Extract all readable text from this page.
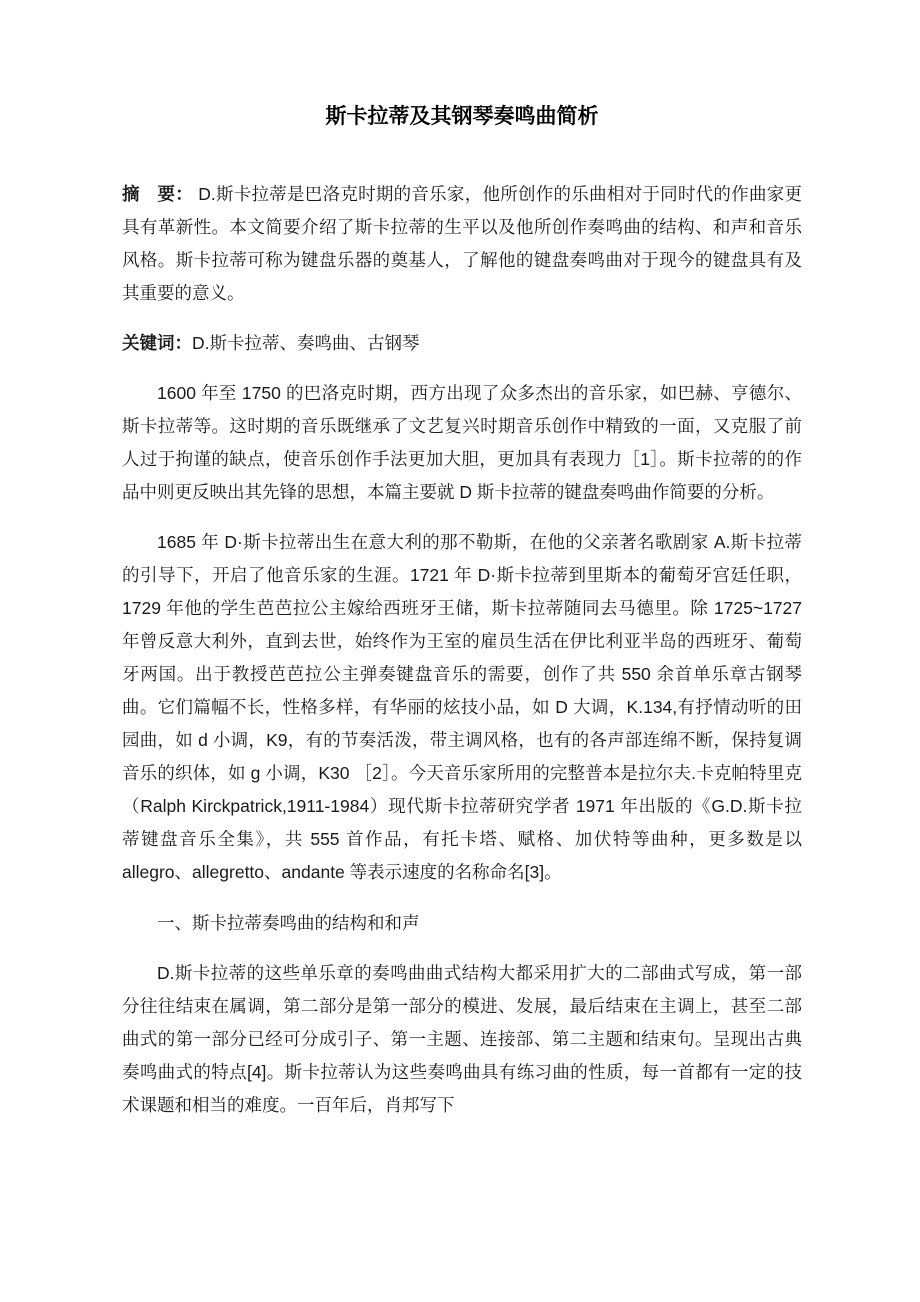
斯卡拉蒂及其钢琴奏鸣曲简析

摘　要： D.斯卡拉蒂是巴洛克时期的音乐家，他所创作的乐曲相对于同时代的作曲家更具有革新性。本文简要介绍了斯卡拉蒂的生平以及他所创作奏鸣曲的结构、和声和音乐风格。斯卡拉蒂可称为键盘乐器的奠基人，了解他的键盘奏鸣曲对于现今的键盘具有及其重要的意义。

关键词：D.斯卡拉蒂、奏鸣曲、古钢琴

1600 年至 1750 的巴洛克时期，西方出现了众多杰出的音乐家，如巴赫、亨德尔、斯卡拉蒂等。这时期的音乐既继承了文艺复兴时期音乐创作中精致的一面，又克服了前人过于拘谨的缺点，使音乐创作手法更加大胆，更加具有表现力［1］。斯卡拉蒂的的作品中则更反映出其先锋的思想，本篇主要就 D 斯卡拉蒂的键盘奏鸣曲作简要的分析。

1685 年 D·斯卡拉蒂出生在意大利的那不勒斯，在他的父亲著名歌剧家 A.斯卡拉蒂的引导下，开启了他音乐家的生涯。1721 年 D·斯卡拉蒂到里斯本的葡萄牙宫廷任职，1729 年他的学生芭芭拉公主嫁给西班牙王储，斯卡拉蒂随同去马德里。除 1725~1727 年曾反意大利外，直到去世，始终作为王室的雇员生活在伊比利亚半岛的西班牙、葡萄牙两国。出于教授芭芭拉公主弹奏键盘音乐的需要，创作了共 550 余首单乐章古钢琴曲。它们篇幅不长，性格多样，有华丽的炫技小品，如 D 大调，K.134,有抒情动听的田园曲，如 d 小调，K9，有的节奏活泼，带主调风格，也有的各声部连绵不断，保持复调音乐的织体，如 g 小调，K30 ［2］。今天音乐家所用的完整普本是拉尔夫.卡克帕特里克（Ralph Kirckpatrick,1911-1984）现代斯卡拉蒂研究学者 1971 年出版的《G.D.斯卡拉蒂键盘音乐全集》，共 555 首作品，有托卡塔、赋格、加伏特等曲种，更多数是以 allegro、allegretto、andante 等表示速度的名称命名[3]。

一、斯卡拉蒂奏鸣曲的结构和和声

D.斯卡拉蒂的这些单乐章的奏鸣曲曲式结构大都采用扩大的二部曲式写成，第一部分往往结束在属调，第二部分是第一部分的模进、发展，最后结束在主调上，甚至二部曲式的第一部分已经可分成引子、第一主题、连接部、第二主题和结束句。呈现出古典奏鸣曲式的特点[4]。斯卡拉蒂认为这些奏鸣曲具有练习曲的性质，每一首都有一定的技术课题和相当的难度。一百年后，肖邦写下
